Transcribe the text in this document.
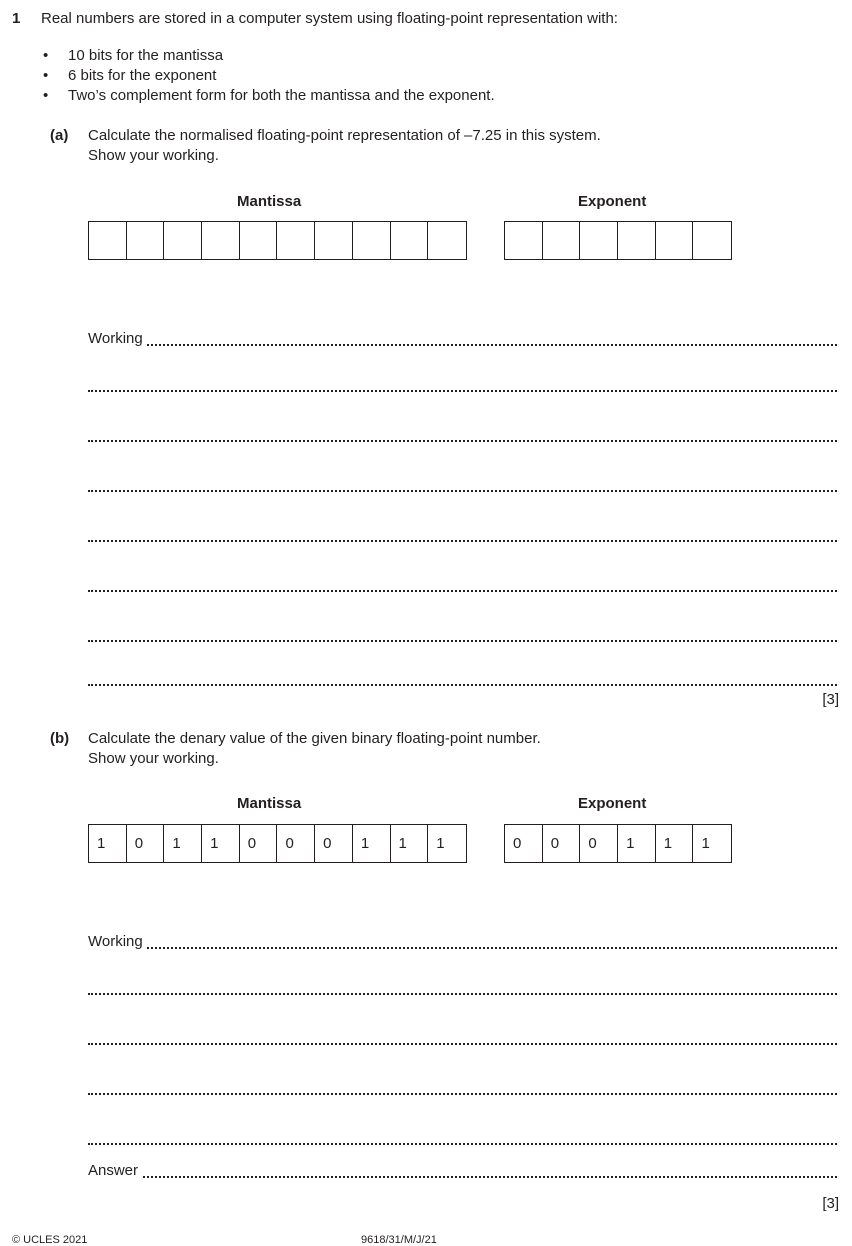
1 Real numbers are stored in a computer system using floating-point representation with:
• 10 bits for the mantissa
• 6 bits for the exponent
• Two’s complement form for both the mantissa and the exponent.
(a) Calculate the normalised floating-point representation of –7.25 in this system.
Show your working.
Mantissa	Exponent
Working
[3]
(b) Calculate the denary value of the given binary floating-point number.
Show your working.
Mantissa	Exponent
1	0	1	1	0	0	0	1	1	1	0	0	0	1	1	1
Working
Answer
[3]
© UCLES 2021	9618/31/M/J/21
